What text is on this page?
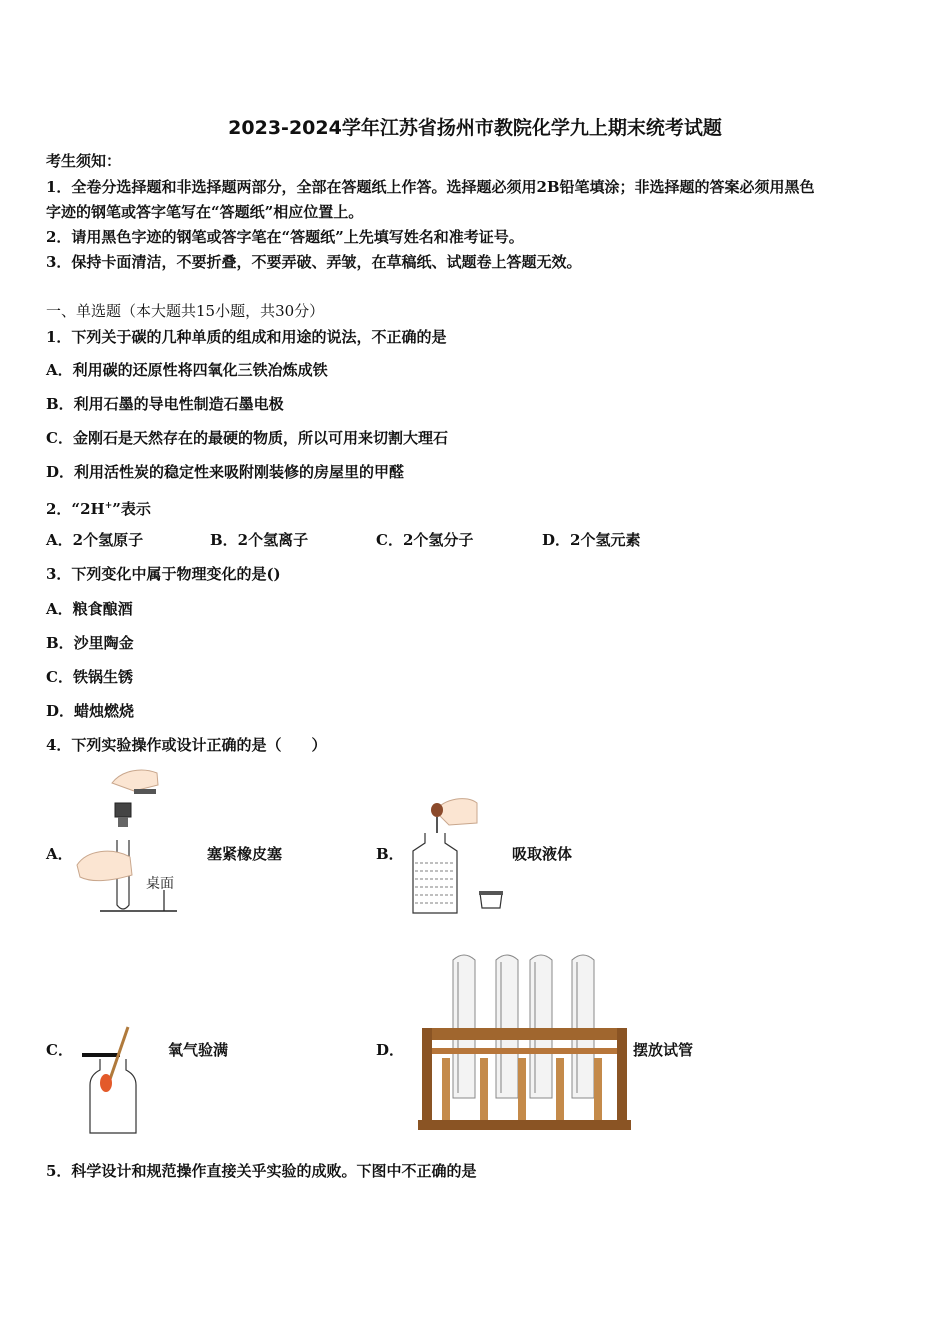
2023-2024学年江苏省扬州市教院化学九上期末统考试题
考生须知：
1．全卷分选择题和非选择题两部分，全部在答题纸上作答。选择题必须用2B铅笔填涂；非选择题的答案必须用黑色
字迹的钢笔或答字笔写在“答题纸”相应位置上。
2．请用黑色字迹的钢笔或答字笔在“答题纸”上先填写姓名和准考证号。
3．保持卡面清洁，不要折叠，不要弄破、弄皱，在草稿纸、试题卷上答题无效。
一、单选题（本大题共15小题，共30分）
1．下列关于碳的几种单质的组成和用途的说法，不正确的是
A．利用碳的还原性将四氧化三铁冶炼成铁
B．利用石墨的导电性制造石墨电极
C．金刚石是天然存在的最硬的物质，所以可用来切割大理石
D．利用活性炭的稳定性来吸附刚装修的房屋里的甲醛
2．“2H+”表示
A．2个氢原子	B．2个氢离子	C．2个氢分子	D．2个氢元素
3．下列变化中属于物理变化的是()
A．粮食酿酒
B．沙里陶金
C．铁锅生锈
D．蜡烛燃烧
4．下列实验操作或设计正确的是（　　）
A．	塞紧橡皮塞
桌面
B．	吸取液体
C．	氧气验满	D．	摆放试管
5．科学设计和规范操作直接关乎实验的成败。下图中不正确的是
